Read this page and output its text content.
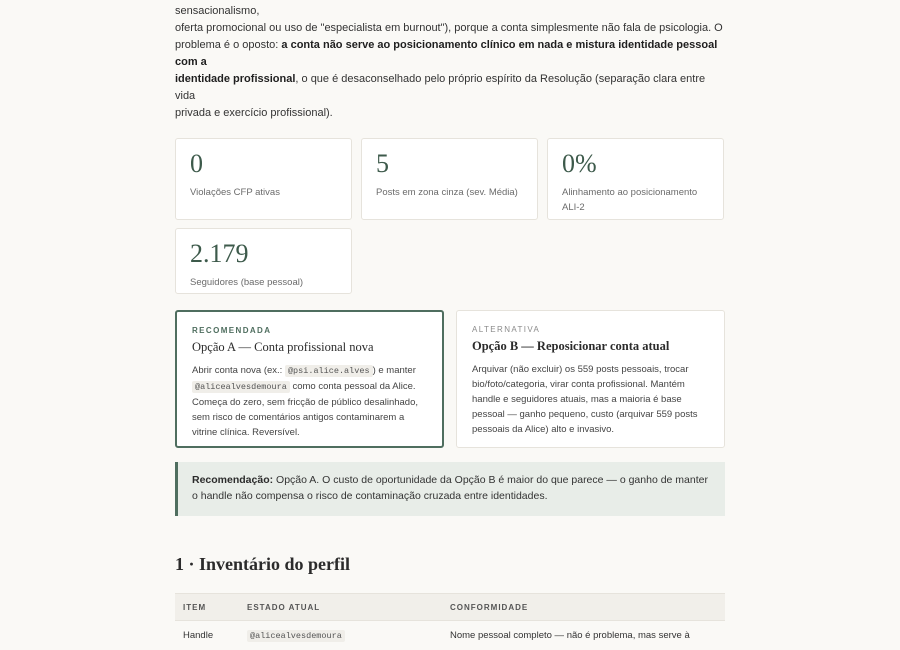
sensacionalismo,
oferta promocional ou uso de "especialista em burnout"), porque a conta simplesmente não fala de psicologia. O
problema é o oposto: a conta não serve ao posicionamento clínico em nada e mistura identidade pessoal com a
identidade profissional, o que é desaconselhado pelo próprio espírito da Resolução (separação clara entre vida
privada e exercício profissional).
0
Violações CFP ativas
5
Posts em zona cinza (sev. Média)
0%
Alinhamento ao posicionamento ALI-2
2.179
Seguidores (base pessoal)
RECOMENDADA
Opção A — Conta profissional nova

Abrir conta nova (ex.: @psi.alice.alves ) e manter
@alicealvesdemoura como conta pessoal da Alice. Começa do zero, sem fricção de público desalinhado, sem risco de comentários antigos contaminarem a vitrine clínica. Reversível.

ALTERNATIVA
Opção B — Reposicionar conta atual

Arquivar (não excluir) os 559 posts pessoais, trocar bio/foto/categoria, virar conta profissional. Mantém handle e seguidores atuais, mas a maioria é base pessoal — ganho pequeno, custo (arquivar 559 posts pessoais da Alice) alto e invasivo.

Recomendação: Opção A. O custo de oportunidade da Opção B é maior do que parece — o ganho de manter o handle não compensa o risco de contaminação cruzada entre identidades.
1 · Inventário do perfil
ITEM	ESTADO ATUAL	CONFORMIDADE
Handle	@alicealvesdemoura	Nome pessoal completo — não é problema, mas serve à
